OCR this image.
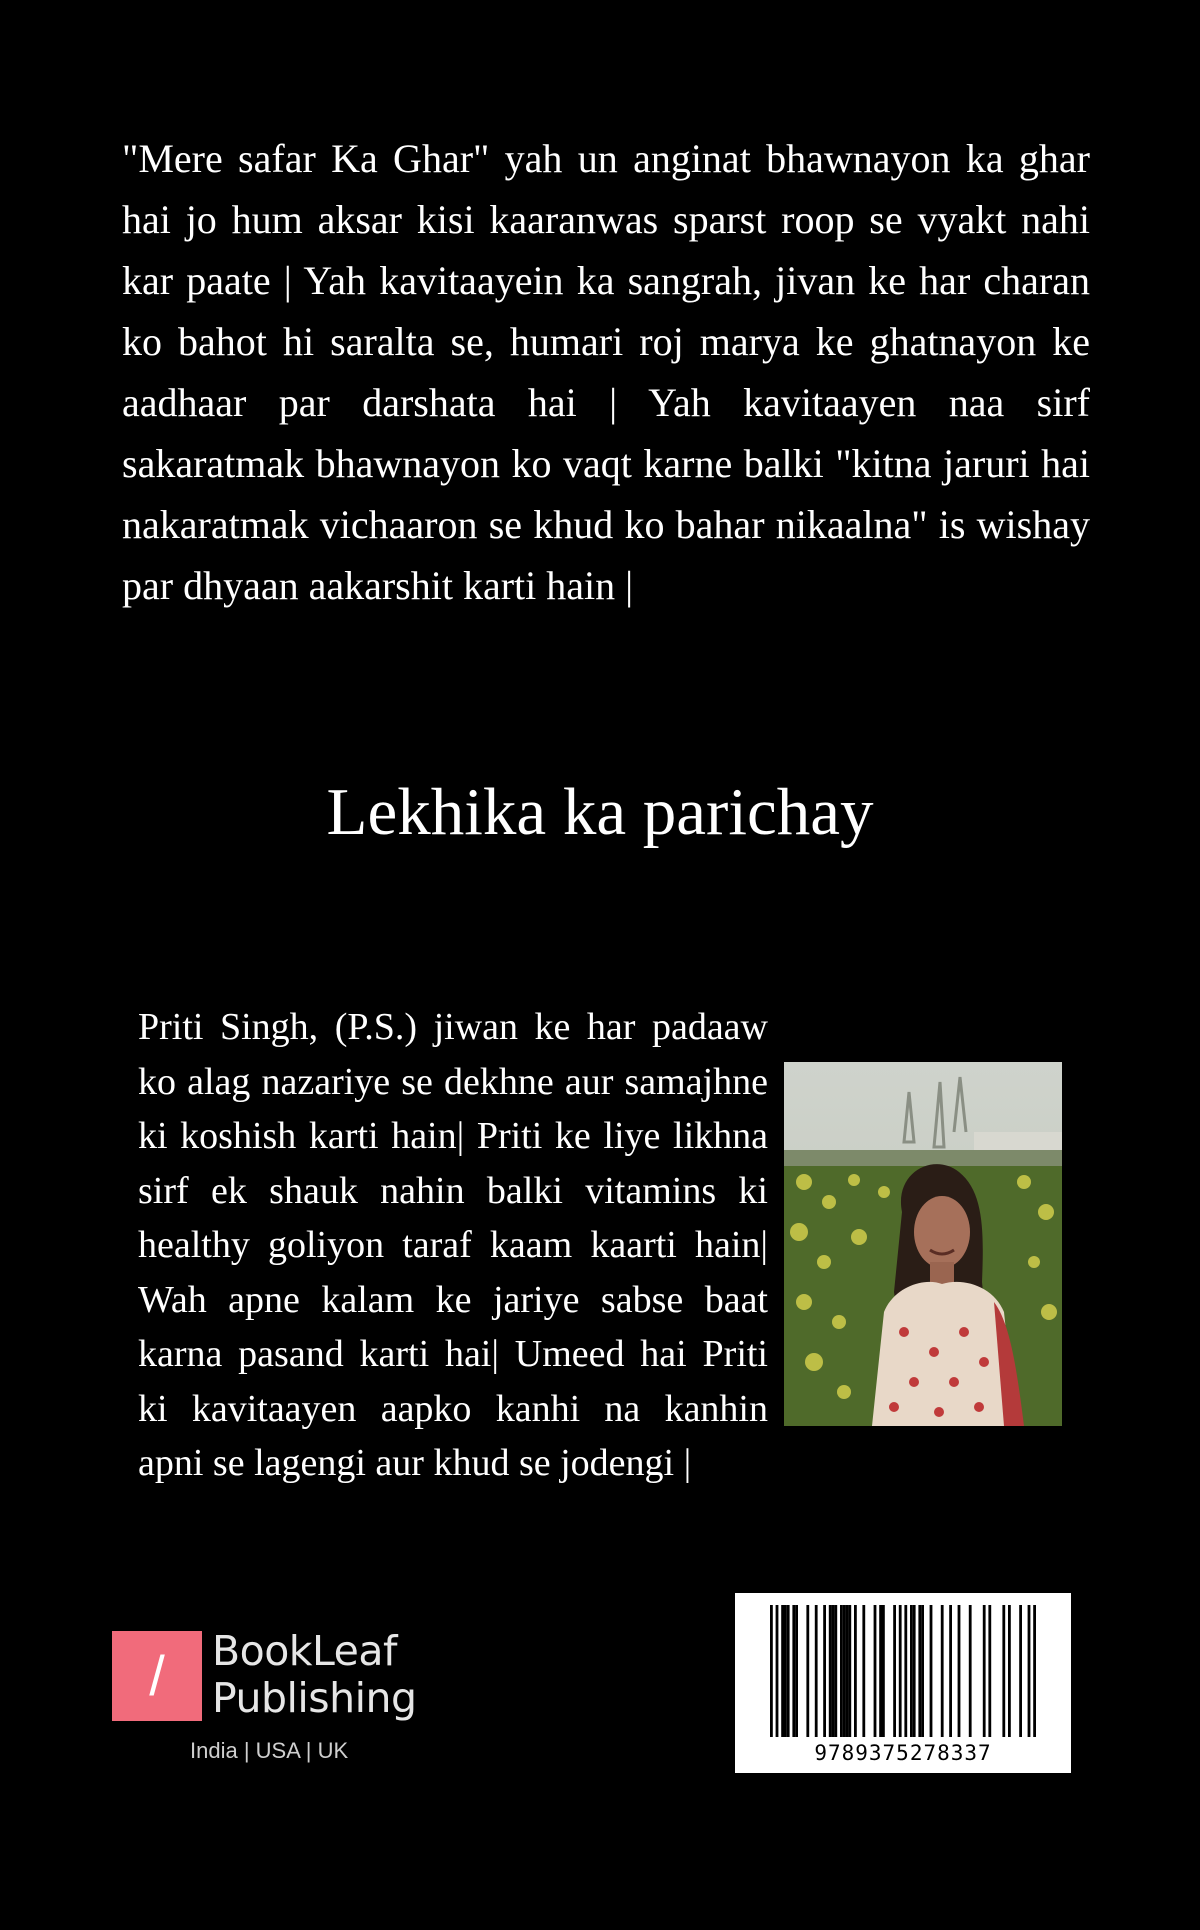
"Mere safar Ka Ghar" yah un anginat bhawnayon ka ghar hai jo hum aksar kisi kaaranwas sparst roop se vyakt nahi kar paate | Yah kavitaayein ka sangrah, jivan ke har charan ko bahot hi saralta se, humari roj marya ke ghatnayon ke aadhaar par darshata hai | Yah kavitaayen naa sirf sakaratmak bhawnayon ko vaqt karne balki "kitna jaruri hai nakaratmak vichaaron se khud ko bahar nikaalna" is wishay par dhyaan aakarshit karti hain |

Lekhika ka parichay

Priti Singh, (P.S.) jiwan ke har padaaw ko alag nazariye se dekhne aur samajhne ki koshish karti hain| Priti ke liye likhna sirf ek shauk nahin balki vitamins ki healthy goliyon taraf kaam kaarti hain| Wah apne kalam ke jariye sabse baat karna pasand karti hai| Umeed hai Priti ki kavitaayen aapko kanhi na kanhin apni se lagengi aur khud se jodengi |

/	BookLeaf
Publishing
India | USA | UK	9789375278337
